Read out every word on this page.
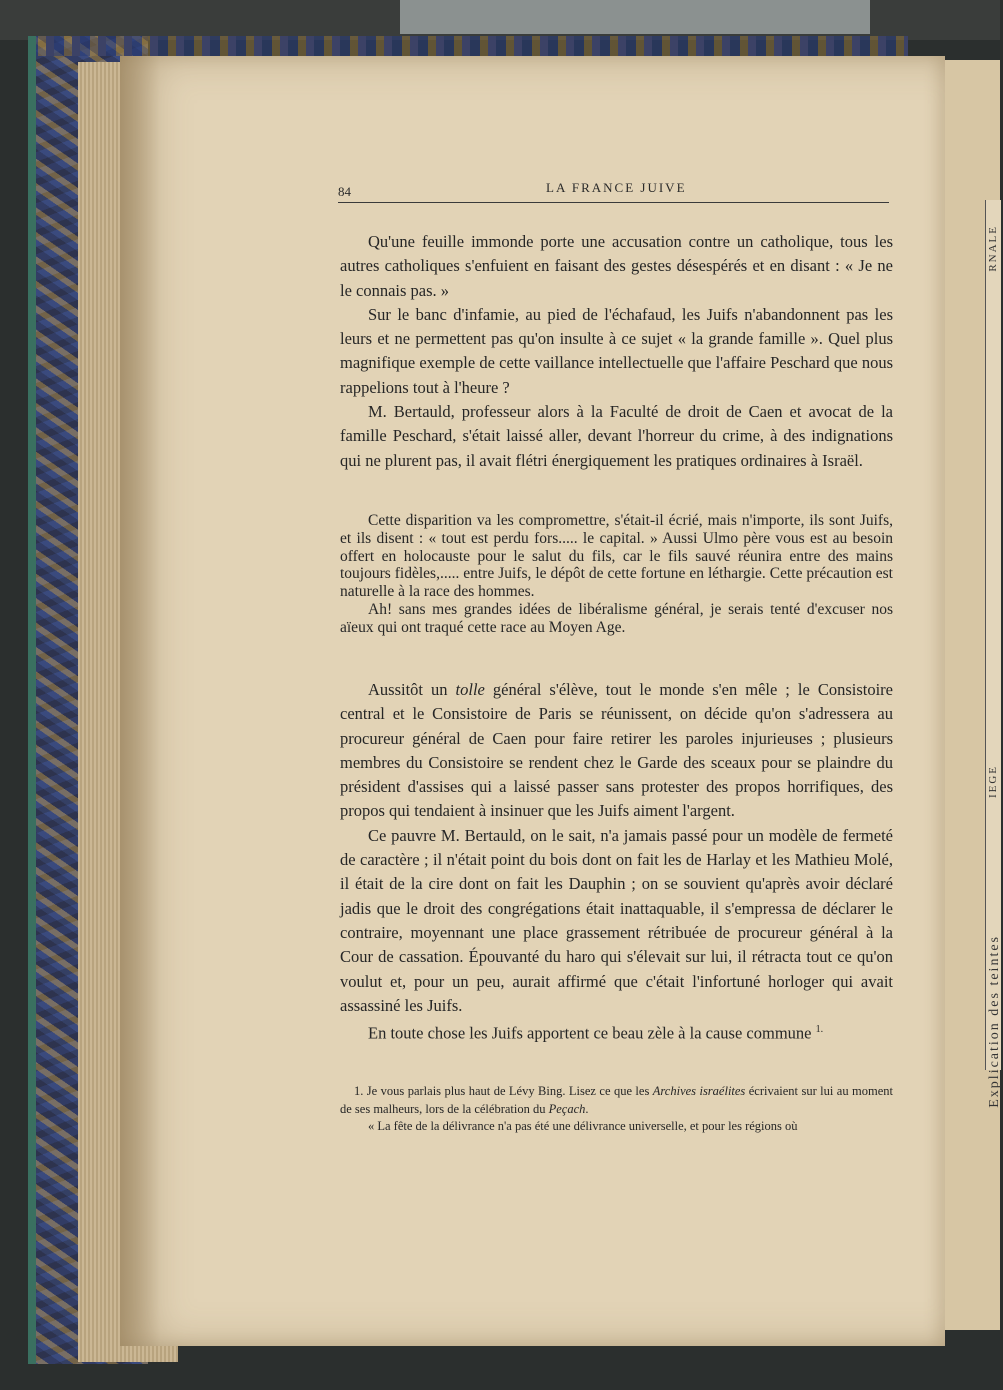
RNALE
IEGE
Explication des teintes
84	LA FRANCE JUIVE

Qu'une feuille immonde porte une accusation contre un catholique, tous les autres catholiques s'enfuient en faisant des gestes désespérés et en disant : « Je ne le connais pas. »

Sur le banc d'infamie, au pied de l'échafaud, les Juifs n'abandonnent pas les leurs et ne permettent pas qu'on insulte à ce sujet « la grande famille ». Quel plus magnifique exemple de cette vaillance intellectuelle que l'affaire Peschard que nous rappelions tout à l'heure ?

M. Bertauld, professeur alors à la Faculté de droit de Caen et avocat de la famille Peschard, s'était laissé aller, devant l'horreur du crime, à des indignations qui ne plurent pas, il avait flétri énergiquement les pratiques ordinaires à Israël.

Cette disparition va les compromettre, s'était-il écrié, mais n'importe, ils sont Juifs, et ils disent : « tout est perdu fors..... le capital. » Aussi Ulmo père vous est au besoin offert en holocauste pour le salut du fils, car le fils sauvé réunira entre des mains toujours fidèles,..... entre Juifs, le dépôt de cette fortune en léthargie. Cette précaution est naturelle à la race des hommes.

Ah! sans mes grandes idées de libéralisme général, je serais tenté d'excuser nos aïeux qui ont traqué cette race au Moyen Age.

Aussitôt un tolle général s'élève, tout le monde s'en mêle ; le Consistoire central et le Consistoire de Paris se réunissent, on décide qu'on s'adressera au procureur général de Caen pour faire retirer les paroles injurieuses ; plusieurs membres du Consistoire se rendent chez le Garde des sceaux pour se plaindre du président d'assises qui a laissé passer sans protester des propos horrifiques, des propos qui tendaient à insinuer que les Juifs aiment l'argent.

Ce pauvre M. Bertauld, on le sait, n'a jamais passé pour un modèle de fermeté de caractère ; il n'était point du bois dont on fait les de Harlay et les Mathieu Molé, il était de la cire dont on fait les Dauphin ; on se souvient qu'après avoir déclaré jadis que le droit des congrégations était inattaquable, il s'empressa de déclarer le contraire, moyennant une place grassement rétribuée de procureur général à la Cour de cassation. Épouvanté du haro qui s'élevait sur lui, il rétracta tout ce qu'on voulut et, pour un peu, aurait affirmé que c'était l'infortuné horloger qui avait assassiné les Juifs.

En toute chose les Juifs apportent ce beau zèle à la cause commune $^{1.}$

1. Je vous parlais plus haut de Lévy Bing. Lisez ce que les Archives israélites écrivaient sur lui au moment de ses malheurs, lors de la célébration du Peçach.

« La fête de la délivrance n'a pas été une délivrance universelle, et pour les régions où
